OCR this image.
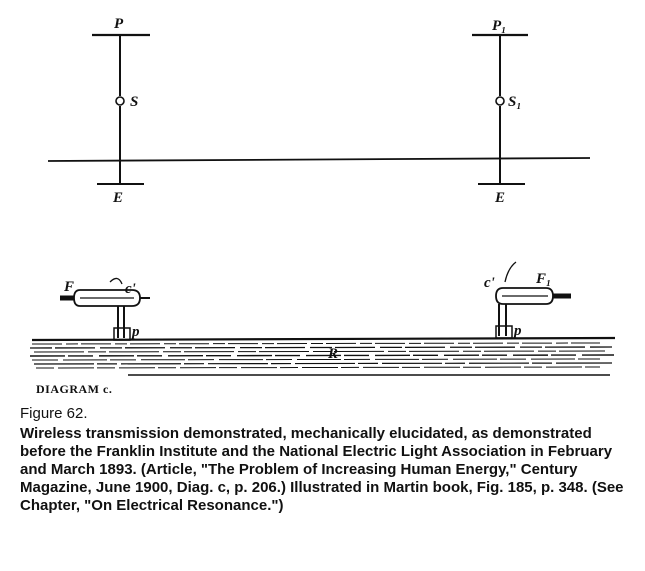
P
S
E
P₁
S₁
E
F	c'
p
F₁
c'
p
R
DIAGRAM c.

Figure 62.

Wireless transmission demonstrated, mechanically elucidated, as demonstrated before the Franklin Institute and the National Electric Light Association in February and March 1893. (Article, "The Problem of Increasing Human Energy," Century Magazine, June 1900, Diag. c, p. 206.) Illustrated in Martin book, Fig. 185, p. 348. (See Chapter, "On Electrical Resonance.")
